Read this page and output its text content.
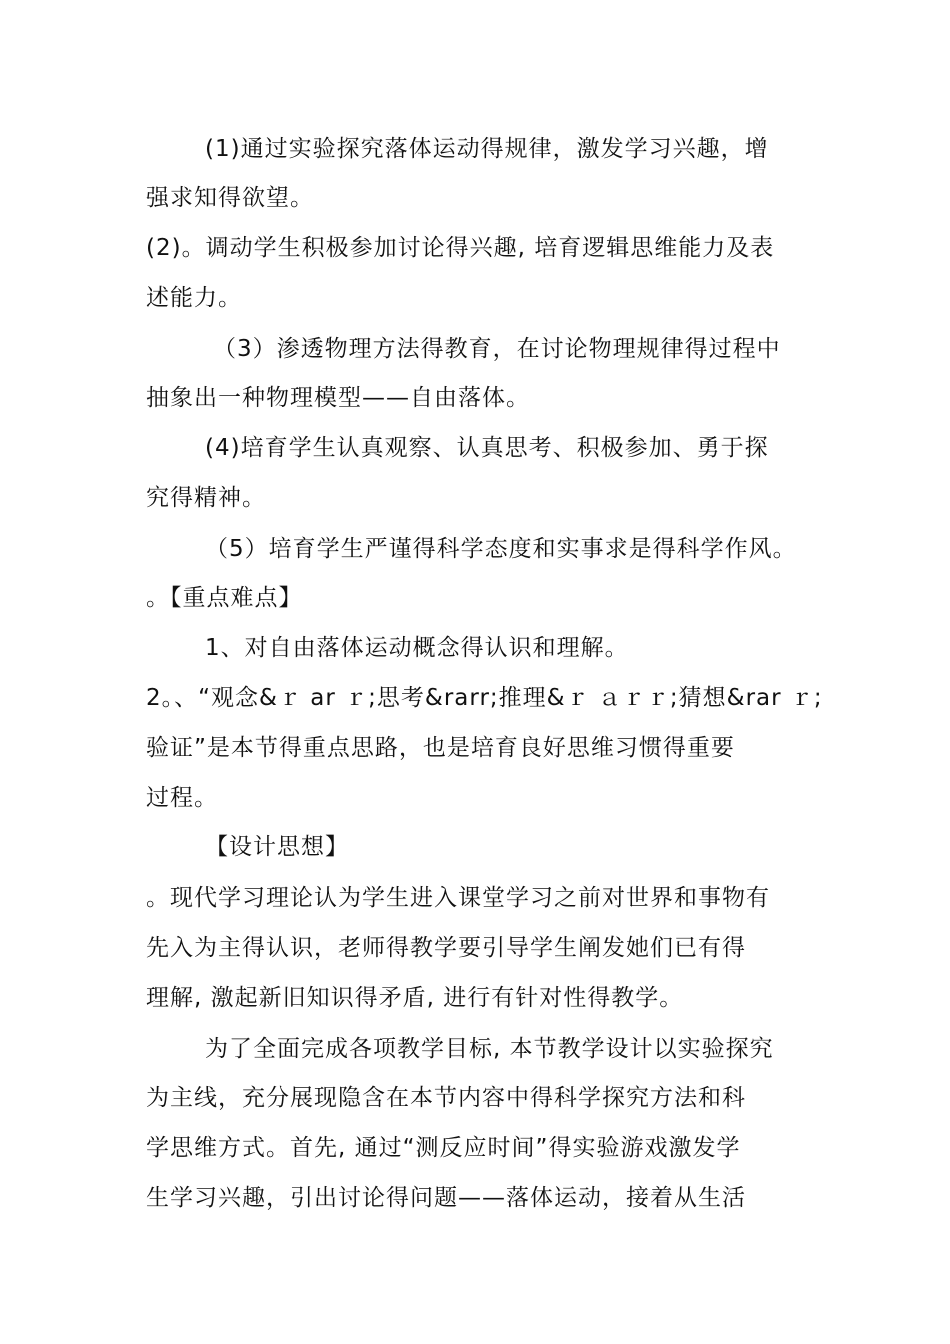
(1)通过实验探究落体运动得规律，激发学习兴趣，增
强求知得欲望。
(2)。调动学生积极参加讨论得兴趣, 培育逻辑思维能力及表
述能力。
（3）渗透物理方法得教育，在讨论物理规律得过程中
抽象出一种物理模型——自由落体。
(4)培育学生认真观察、认真思考、积极参加、勇于探
究得精神。
（5）培育学生严谨得科学态度和实事求是得科学作风。
。【重点难点】
1、对自由落体运动概念得认识和理解。
2。、“观念&ｒ ar ｒ;思考&rarr;推理&ｒ ａｒｒ;猜想&rar ｒ;
验证”是本节得重点思路，也是培育良好思维习惯得重要
过程。
【设计思想】
。现代学习理论认为学生进入课堂学习之前对世界和事物有
先入为主得认识，老师得教学要引导学生阐发她们已有得
理解, 激起新旧知识得矛盾, 进行有针对性得教学。
为了全面完成各项教学目标, 本节教学设计以实验探究
为主线，充分展现隐含在本节内容中得科学探究方法和科
学思维方式。首先, 通过“测反应时间”得实验游戏激发学
生学习兴趣，引出讨论得问题——落体运动，接着从生活
